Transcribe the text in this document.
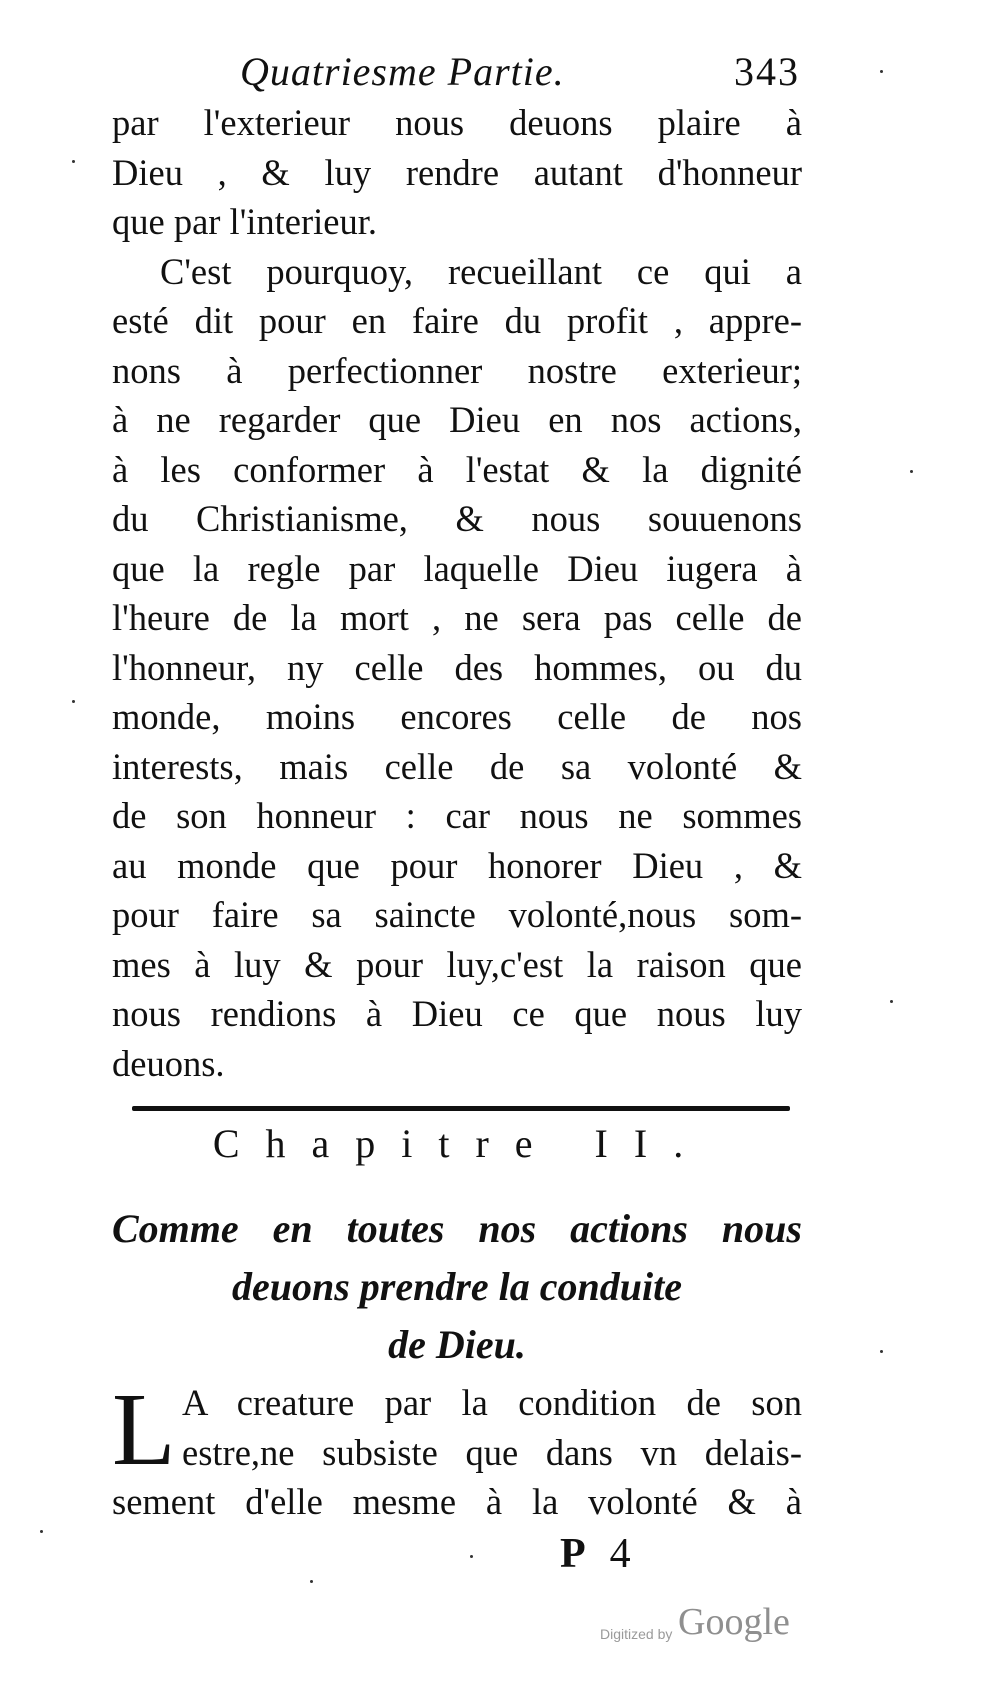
Quatriesme Partie.	343
par l'exterieur nous deuons plaire à
Dieu , & luy rendre autant d'honneur
que par l'interieur.
C'est pourquoy, recueillant ce qui a
esté dit pour en faire du profit , appre-
nons à perfectionner nostre exterieur;
à ne regarder que Dieu en nos actions,
à les conformer à l'estat & la dignité
du Christianisme, & nous souuenons
que la regle par laquelle Dieu iugera à
l'heure de la mort , ne sera pas celle de
l'honneur, ny celle des hommes, ou du
monde, moins encores celle de nos
interests, mais celle de sa volonté &
de son honneur : car nous ne sommes
au monde que pour honorer Dieu , &
pour faire sa saincte volonté,nous som-
mes à luy & pour luy,c'est la raison que
nous rendions à Dieu ce que nous luy
deuons.
Chapitre II.
Comme en toutes nos actions nous
deuons prendre la conduite
de Dieu.
L A creature par la condition de son
estre,ne subsiste que dans vn delais-
sement d'elle mesme à la volonté & à
P 4
Digitized by Google
